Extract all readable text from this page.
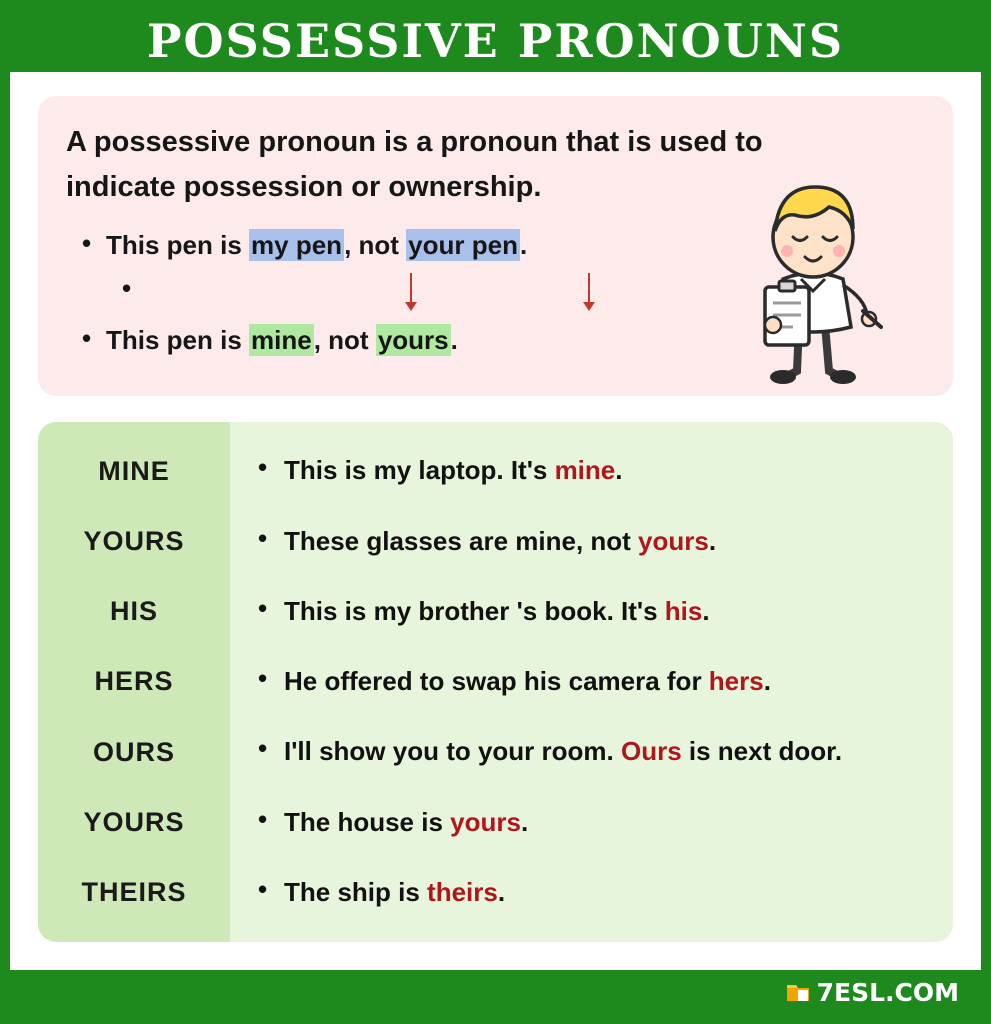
POSSESSIVE PRONOUNS
A possessive pronoun is a pronoun that is used to indicate possession or ownership.
• This pen is my pen, not your pen.
•
• This pen is mine, not yours.
MINE
YOURS
HIS
HERS
OURS
YOURS
THEIRS
• This is my laptop. It's mine.
• These glasses are mine, not yours.
• This is my brother 's book. It's his.
• He offered to swap his camera for hers.
• I'll show you to your room. Ours is next door.
• The house is yours.
• The ship is theirs.
7ESL.COM
